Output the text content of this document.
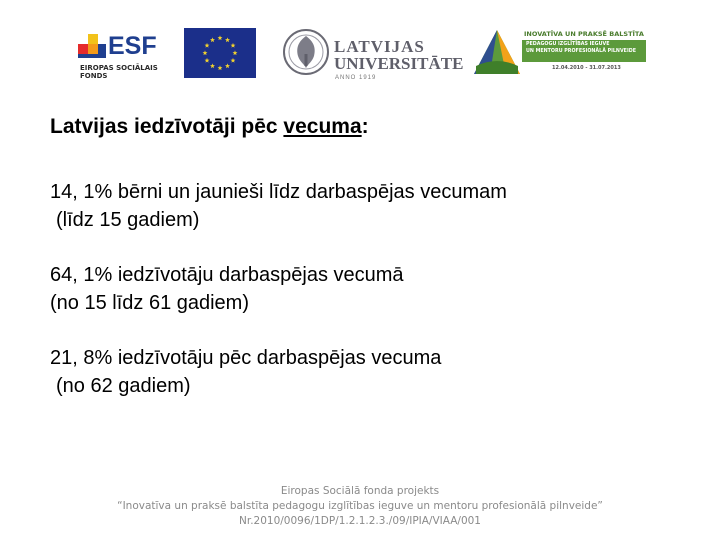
ESF
EIROPAS SOCIĀLAIS
FONDS
LATVIJAS
UNIVERSITĀTE
ANNO 1919
INOVATĪVA UN PRAKSĒ BALSTĪTA
PEDAGOGU IZGLĪTĪBAS IEGUVE
UN MENTORU PROFESIONĀLĀ PILNVEIDE
12.04.2010 - 31.07.2013
Latvijas iedzīvotāji pēc vecuma:
14, 1% bērni un jaunieši līdz darbaspējas vecumam
(līdz 15 gadiem)
64, 1% iedzīvotāju darbaspējas vecumā
(no 15 līdz 61 gadiem)
21, 8% iedzīvotāju pēc darbaspējas vecuma
(no 62 gadiem)
Eiropas Sociālā fonda projekts
“Inovatīva un praksē balstīta pedagogu izglītības ieguve un mentoru profesionālā pilnveide”
Nr.2010/0096/1DP/1.2.1.2.3./09/IPIA/VIAA/001
